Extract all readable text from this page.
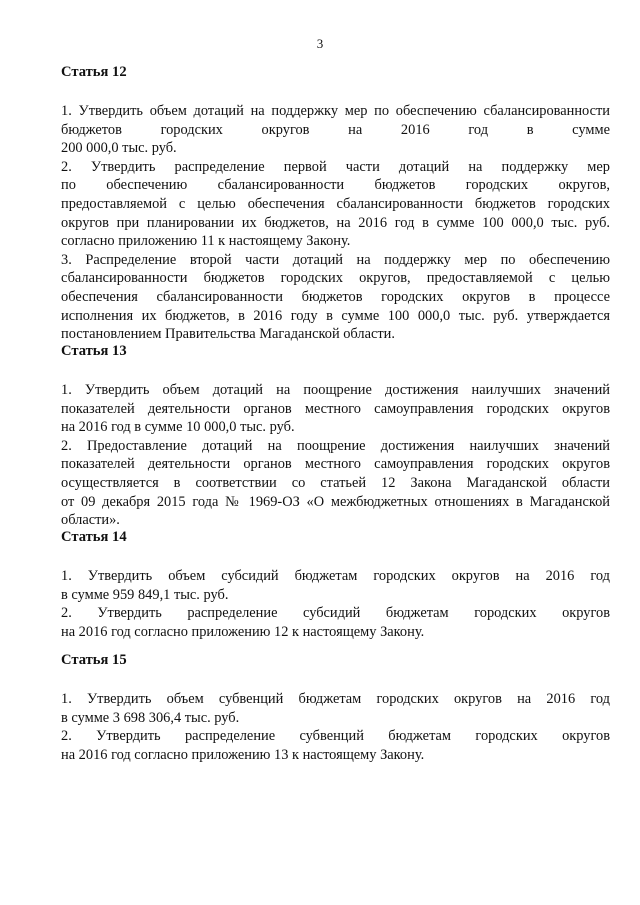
3
Статья 12
1. Утвердить объем дотаций на поддержку мер по обеспечению сбалансированности
бюджетов городских округов на 2016 год в сумме
200 000,0 тыс. руб.
2. Утвердить распределение первой части дотаций на поддержку мер
по обеспечению сбалансированности бюджетов городских округов,
предоставляемой с целью обеспечения сбалансированности бюджетов городских
округов при планировании их бюджетов, на 2016 год в сумме 100 000,0 тыс. руб.
согласно приложению 11 к настоящему Закону.
3. Распределение второй части дотаций на поддержку мер по обеспечению
сбалансированности бюджетов городских округов, предоставляемой с целью
обеспечения сбалансированности бюджетов городских округов в процессе
исполнения их бюджетов, в 2016 году в сумме 100 000,0 тыс. руб. утверждается
постановлением Правительства Магаданской области.
Статья 13
1. Утвердить объем дотаций на поощрение достижения наилучших значений
показателей деятельности органов местного самоуправления городских округов
на 2016 год в сумме 10 000,0 тыс. руб.
2. Предоставление дотаций на поощрение достижения наилучших значений
показателей деятельности органов местного самоуправления городских округов
осуществляется в соответствии со статьей 12 Закона Магаданской области
от 09 декабря 2015 года № 1969-ОЗ «О межбюджетных отношениях в Магаданской
области».
Статья 14
1. Утвердить объем субсидий бюджетам городских округов на 2016 год
в сумме 959 849,1 тыс. руб.
2. Утвердить распределение субсидий бюджетам городских округов
на 2016 год согласно приложению 12 к настоящему Закону.
Статья 15
1. Утвердить объем субвенций бюджетам городских округов на 2016 год
в сумме 3 698 306,4 тыс. руб.
2. Утвердить распределение субвенций бюджетам городских округов
на 2016 год согласно приложению 13 к настоящему Закону.
